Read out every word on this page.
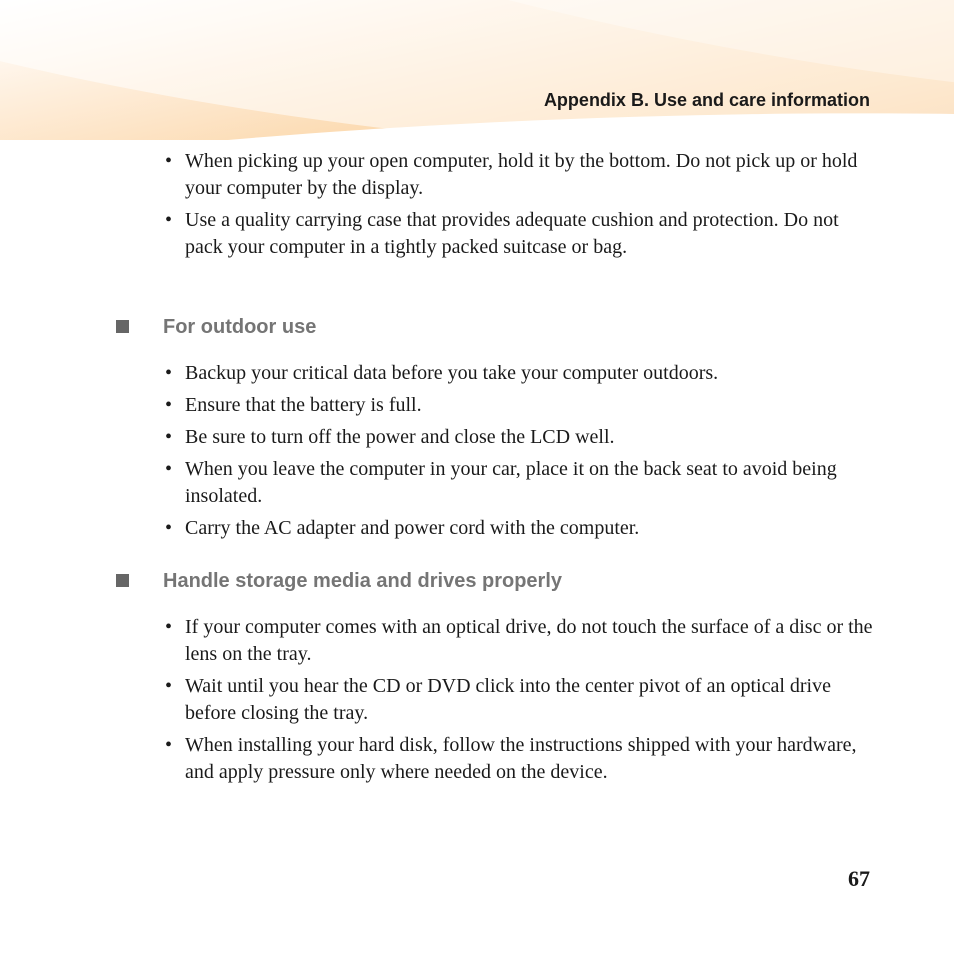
Appendix B. Use and care information
• When picking up your open computer, hold it by the bottom. Do not pick up or hold your computer by the display.
• Use a quality carrying case that provides adequate cushion and protection. Do not pack your computer in a tightly packed suitcase or bag.
For outdoor use
• Backup your critical data before you take your computer outdoors.
• Ensure that the battery is full.
• Be sure to turn off the power and close the LCD well.
• When you leave the computer in your car, place it on the back seat to avoid being insolated.
• Carry the AC adapter and power cord with the computer.
Handle storage media and drives properly
• If your computer comes with an optical drive, do not touch the surface of a disc or the lens on the tray.
• Wait until you hear the CD or DVD click into the center pivot of an optical drive before closing the tray.
• When installing your hard disk, follow the instructions shipped with your hardware, and apply pressure only where needed on the device.
67
